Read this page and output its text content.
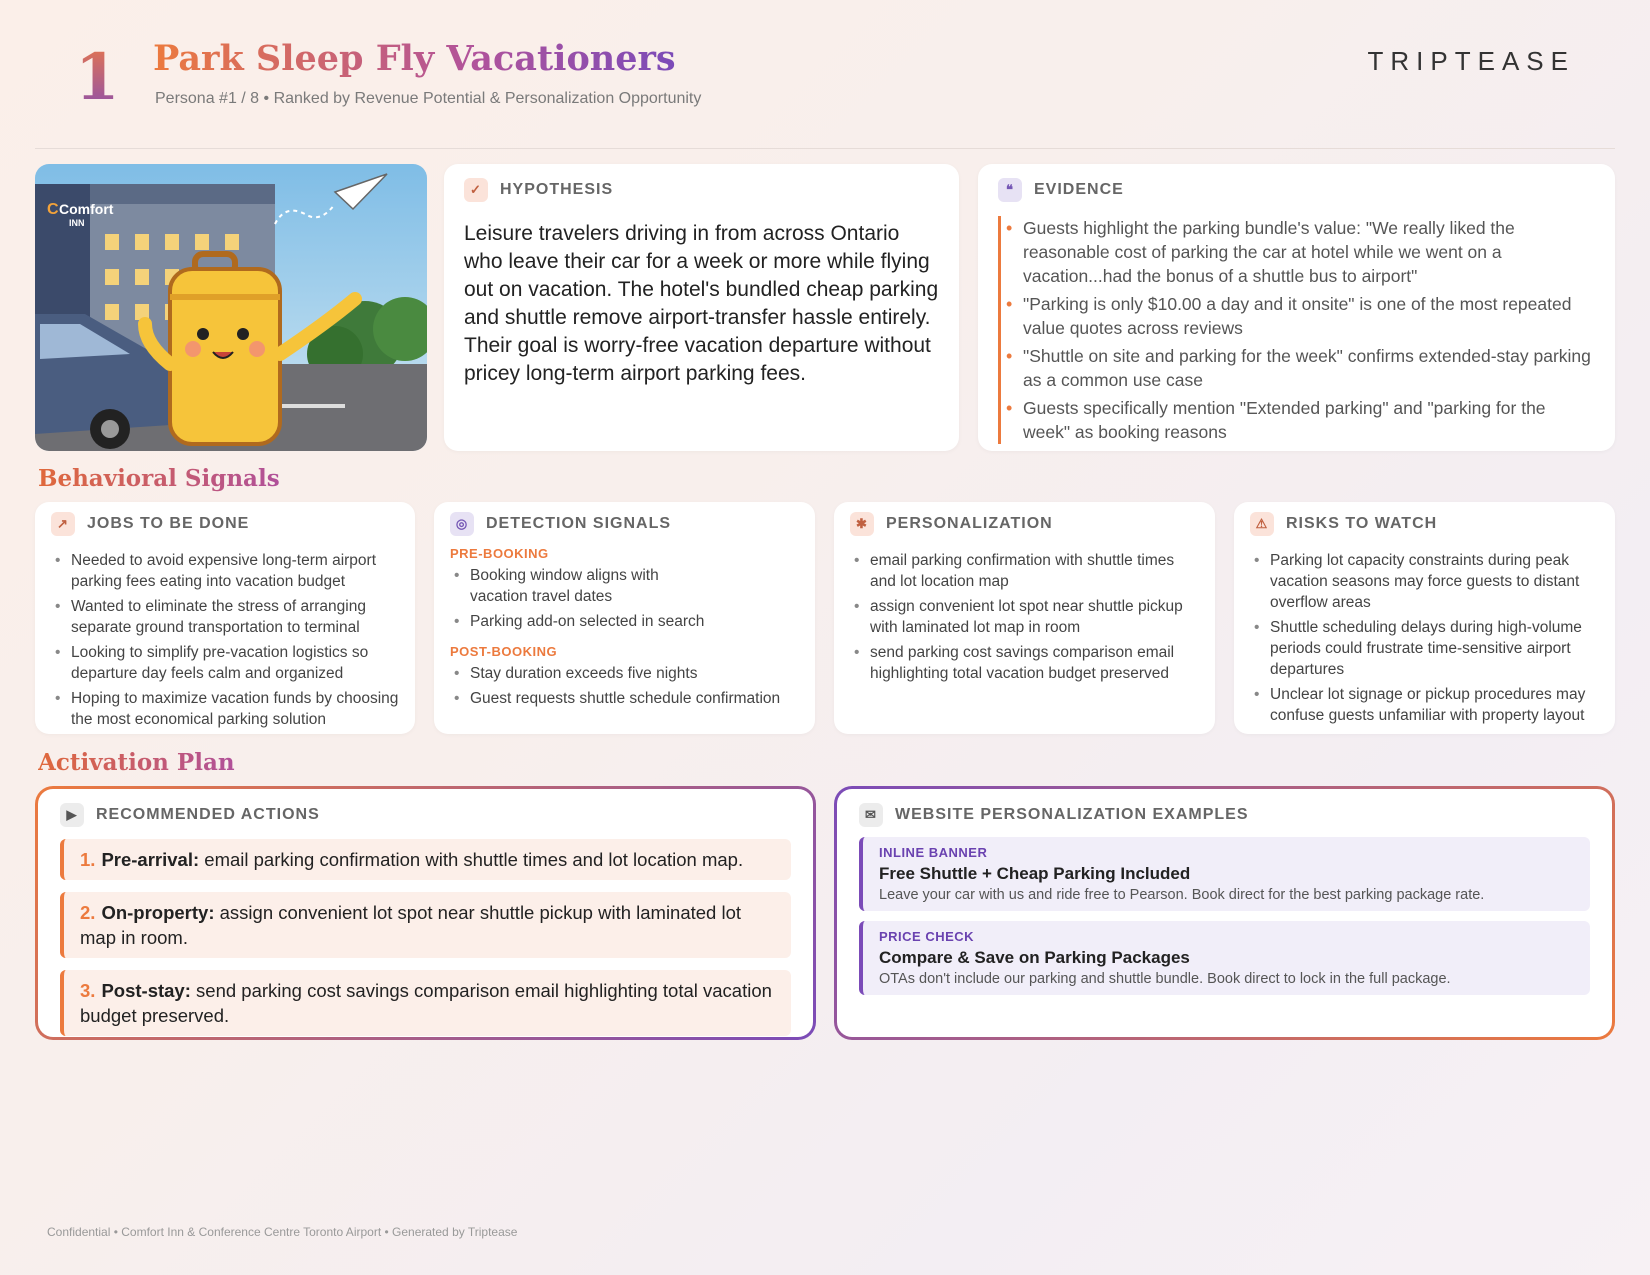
1 Park Sleep Fly Vacationers
Persona #1 / 8 • Ranked by Revenue Potential & Personalization Opportunity
TRIPTEASE
C Comfort
INN
✓	HYPOTHESIS
Leisure travelers driving in from across Ontario who leave their car for a week or more while flying out on vacation. The hotel's bundled cheap parking and shuttle remove airport-transfer hassle entirely. Their goal is worry-free vacation departure without pricey long-term airport parking fees.
❝	EVIDENCE
• Guests highlight the parking bundle's value: "We really liked the reasonable cost of parking the car at hotel while we went on a vacation...had the bonus of a shuttle bus to airport"
• "Parking is only $10.00 a day and it onsite" is one of the most repeated value quotes across reviews
• "Shuttle on site and parking for the week" confirms extended-stay parking as a common use case
• Guests specifically mention "Extended parking" and "parking for the week" as booking reasons
Behavioral Signals
↗	JOBS TO BE DONE
• Needed to avoid expensive long-term airport parking fees eating into vacation budget
• Wanted to eliminate the stress of arranging separate ground transportation to terminal
• Looking to simplify pre-vacation logistics so departure day feels calm and organized
• Hoping to maximize vacation funds by choosing the most economical parking solution
◎	DETECTION SIGNALS
PRE-BOOKING
• Booking window aligns with vacation travel dates
• Parking add-on selected in search
POST-BOOKING
• Stay duration exceeds five nights
• Guest requests shuttle schedule confirmation
✱	PERSONALIZATION
• email parking confirmation with shuttle times and lot location map
• assign convenient lot spot near shuttle pickup with laminated lot map in room
• send parking cost savings comparison email highlighting total vacation budget preserved
⚠	RISKS TO WATCH
• Parking lot capacity constraints during peak vacation seasons may force guests to distant overflow areas
• Shuttle scheduling delays during high-volume periods could frustrate time-sensitive airport departures
• Unclear lot signage or pickup procedures may confuse guests unfamiliar with property layout
Activation Plan
▶	RECOMMENDED ACTIONS
1. Pre-arrival: email parking confirmation with shuttle times and lot location map.
2. On-property: assign convenient lot spot near shuttle pickup with laminated lot map in room.
3. Post-stay: send parking cost savings comparison email highlighting total vacation budget preserved.
✉	WEBSITE PERSONALIZATION EXAMPLES
INLINE BANNER
Free Shuttle + Cheap Parking Included
Leave your car with us and ride free to Pearson. Book direct for the best parking package rate.
PRICE CHECK
Compare & Save on Parking Packages
OTAs don't include our parking and shuttle bundle. Book direct to lock in the full package.
Confidential • Comfort Inn & Conference Centre Toronto Airport • Generated by Triptease
